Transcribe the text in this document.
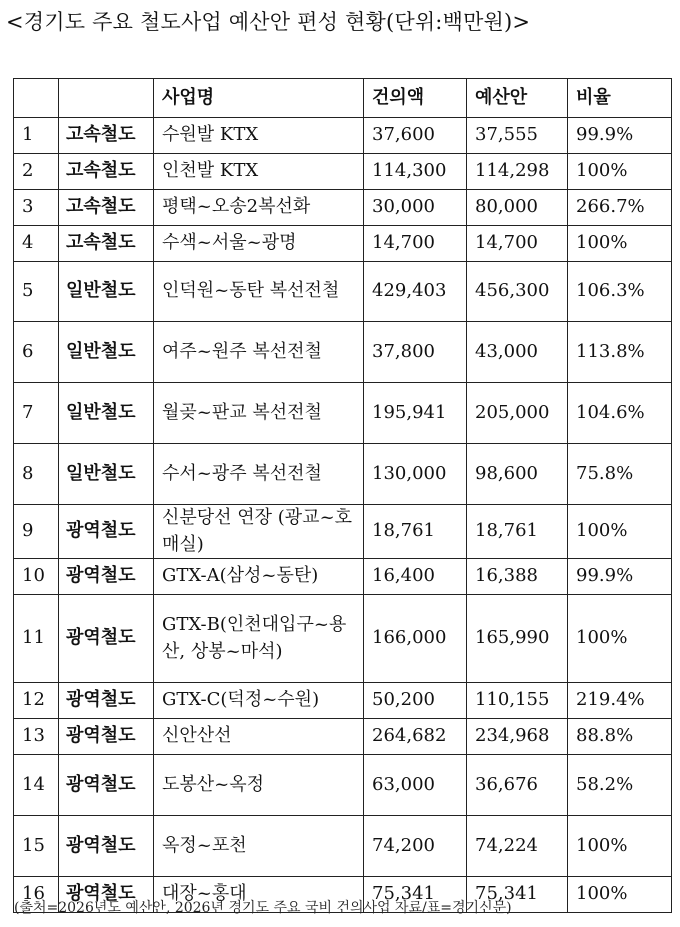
<경기도 주요 철도사업 예산안 편성 현황(단위:백만원)>
		사업명	건의액	예산안	비율
1	고속철도	수원발 KTX	37,600	37,555	99.9%
2	고속철도	인천발 KTX	114,300	114,298	100%
3	고속철도	평택~오송2복선화	30,000	80,000	266.7%
4	고속철도	수색~서울~광명	14,700	14,700	100%
5	일반철도	인덕원~동탄 복선전철	429,403	456,300	106.3%
6	일반철도	여주~원주 복선전철	37,800	43,000	113.8%
7	일반철도	월곶~판교 복선전철	195,941	205,000	104.6%
8	일반철도	수서~광주 복선전철	130,000	98,600	75.8%
9	광역철도	신분당선 연장 (광교~호매실)	18,761	18,761	100%
10	광역철도	GTX-A(삼성~동탄)	16,400	16,388	99.9%
11	광역철도	GTX-B(인천대입구~용산, 상봉~마석)	166,000	165,990	100%
12	광역철도	GTX-C(덕정~수원)	50,200	110,155	219.4%
13	광역철도	신안산선	264,682	234,968	88.8%
14	광역철도	도봉산~옥정	63,000	36,676	58.2%
15	광역철도	옥정~포천	74,200	74,224	100%
16	광역철도	대장~홍대	75,341	75,341	100%
(출처=2026년도 예산안, 2026년 경기도 주요 국비 건의사업 자료/표=경기신문)
